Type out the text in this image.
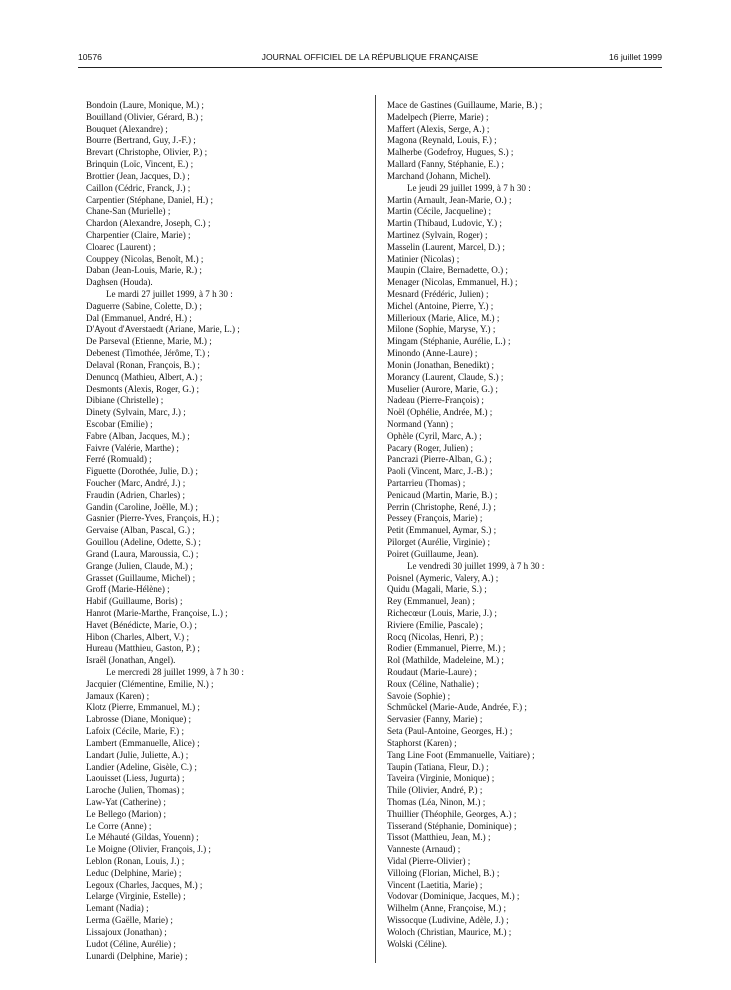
10576	JOURNAL OFFICIEL DE LA RÉPUBLIQUE FRANÇAISE	16 juillet 1999
Bondoin (Laure, Monique, M.) ;
Bouilland (Olivier, Gérard, B.) ;
Bouquet (Alexandre) ;
Bourre (Bertrand, Guy, J.-F.) ;
Brevart (Christophe, Olivier, P.) ;
Brinquin (Loïc, Vincent, E.) ;
Brottier (Jean, Jacques, D.) ;
Caillon (Cédric, Franck, J.) ;
Carpentier (Stéphane, Daniel, H.) ;
Chane-San (Murielle) ;
Chardon (Alexandre, Joseph, C.) ;
Charpentier (Claire, Marie) ;
Cloarec (Laurent) ;
Couppey (Nicolas, Benoît, M.) ;
Daban (Jean-Louis, Marie, R.) ;
Daghsen (Houda).
Le mardi 27 juillet 1999, à 7 h 30 :
Daguerre (Sabine, Colette, D.) ;
Dal (Emmanuel, André, H.) ;
D'Ayout d'Averstaedt (Ariane, Marie, L.) ;
De Parseval (Etienne, Marie, M.) ;
Debenest (Timothée, Jérôme, T.) ;
Delaval (Ronan, François, B.) ;
Denuncq (Mathieu, Albert, A.) ;
Desmonts (Alexis, Roger, G.) ;
Dibiane (Christelle) ;
Dinety (Sylvain, Marc, J.) ;
Escobar (Emilie) ;
Fabre (Alban, Jacques, M.) ;
Faivre (Valérie, Marthe) ;
Ferré (Romuald) ;
Figuette (Dorothée, Julie, D.) ;
Foucher (Marc, André, J.) ;
Fraudin (Adrien, Charles) ;
Gandin (Caroline, Joëlle, M.) ;
Gasnier (Pierre-Yves, François, H.) ;
Gervaise (Alban, Pascal, G.) ;
Gouillou (Adeline, Odette, S.) ;
Grand (Laura, Maroussia, C.) ;
Grange (Julien, Claude, M.) ;
Grasset (Guillaume, Michel) ;
Groff (Marie-Hélène) ;
Habif (Guillaume, Boris) ;
Hanrot (Marie-Marthe, Françoise, L.) ;
Havet (Bénédicte, Marie, O.) ;
Hibon (Charles, Albert, V.) ;
Hureau (Matthieu, Gaston, P.) ;
Israël (Jonathan, Angel).
Le mercredi 28 juillet 1999, à 7 h 30 :
Jacquier (Clémentine, Emilie, N.) ;
Jamaux (Karen) ;
Klotz (Pierre, Emmanuel, M.) ;
Labrosse (Diane, Monique) ;
Lafoix (Cécile, Marie, F.) ;
Lambert (Emmanuelle, Alice) ;
Landart (Julie, Juliette, A.) ;
Landier (Adeline, Gisèle, C.) ;
Laouisset (Liess, Jugurta) ;
Laroche (Julien, Thomas) ;
Law-Yat (Catherine) ;
Le Bellego (Marion) ;
Le Corre (Anne) ;
Le Méhauté (Gildas, Youenn) ;
Le Moigne (Olivier, François, J.) ;
Leblon (Ronan, Louis, J.) ;
Leduc (Delphine, Marie) ;
Legoux (Charles, Jacques, M.) ;
Lelarge (Virginie, Estelle) ;
Lemant (Nadia) ;
Lerma (Gaëlle, Marie) ;
Lissajoux (Jonathan) ;
Ludot (Céline, Aurélie) ;
Lunardi (Delphine, Marie) ;
Mace de Gastines (Guillaume, Marie, B.) ;
Madelpech (Pierre, Marie) ;
Maffert (Alexis, Serge, A.) ;
Magona (Reynald, Louis, F.) ;
Malherbe (Godefroy, Hugues, S.) ;
Mallard (Fanny, Stéphanie, E.) ;
Marchand (Johann, Michel).
Le jeudi 29 juillet 1999, à 7 h 30 :
Martin (Arnault, Jean-Marie, O.) ;
Martin (Cécile, Jacqueline) ;
Martin (Thibaud, Ludovic, Y.) ;
Martinez (Sylvain, Roger) ;
Masselin (Laurent, Marcel, D.) ;
Matinier (Nicolas) ;
Maupin (Claire, Bernadette, O.) ;
Menager (Nicolas, Emmanuel, H.) ;
Mesnard (Frédéric, Julien) ;
Michel (Antoine, Pierre, Y.) ;
Millerioux (Marie, Alice, M.) ;
Milone (Sophie, Maryse, Y.) ;
Mingam (Stéphanie, Aurélie, L.) ;
Minondo (Anne-Laure) ;
Monin (Jonathan, Benedikt) ;
Morancy (Laurent, Claude, S.) ;
Muselier (Aurore, Marie, G.) ;
Nadeau (Pierre-François) ;
Noël (Ophélie, Andrée, M.) ;
Normand (Yann) ;
Ophèle (Cyril, Marc, A.) ;
Pacary (Roger, Julien) ;
Pancrazi (Pierre-Alban, G.) ;
Paoli (Vincent, Marc, J.-B.) ;
Partarrieu (Thomas) ;
Penicaud (Martin, Marie, B.) ;
Perrin (Christophe, René, J.) ;
Pessey (François, Marie) ;
Petit (Emmanuel, Aymar, S.) ;
Pilorget (Aurélie, Virginie) ;
Poiret (Guillaume, Jean).
Le vendredi 30 juillet 1999, à 7 h 30 :
Poisnel (Aymeric, Valery, A.) ;
Quidu (Magali, Marie, S.) ;
Rey (Emmanuel, Jean) ;
Richecœur (Louis, Marie, J.) ;
Riviere (Emilie, Pascale) ;
Rocq (Nicolas, Henri, P.) ;
Rodier (Emmanuel, Pierre, M.) ;
Rol (Mathilde, Madeleine, M.) ;
Roudaut (Marie-Laure) ;
Roux (Céline, Nathalie) ;
Savoie (Sophie) ;
Schmückel (Marie-Aude, Andrée, F.) ;
Servasier (Fanny, Marie) ;
Seta (Paul-Antoine, Georges, H.) ;
Staphorst (Karen) ;
Tang Line Foot (Emmanuelle, Vaitiare) ;
Taupin (Tatiana, Fleur, D.) ;
Taveira (Virginie, Monique) ;
Thile (Olivier, André, P.) ;
Thomas (Léa, Ninon, M.) ;
Thuillier (Théophile, Georges, A.) ;
Tisserand (Stéphanie, Dominique) ;
Tissot (Matthieu, Jean, M.) ;
Vanneste (Arnaud) ;
Vidal (Pierre-Olivier) ;
Villoing (Florian, Michel, B.) ;
Vincent (Laetitia, Marie) ;
Vodovar (Dominique, Jacques, M.) ;
Wilhelm (Anne, Françoise, M.) ;
Wissocque (Ludivine, Adèle, J.) ;
Woloch (Christian, Maurice, M.) ;
Wolski (Céline).
